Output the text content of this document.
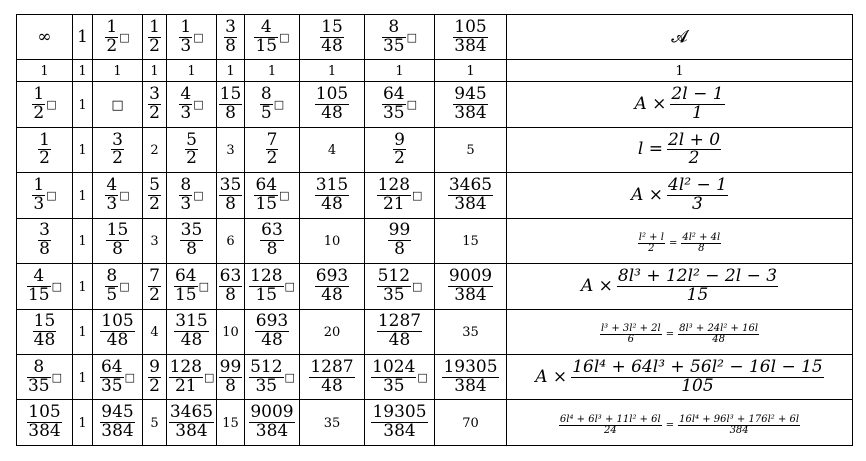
∞	1	$\frac{1}{2}$ □	$\frac{1}{2}$	$\frac{1}{3}$ □	$\frac{3}{8}$	$\frac{4}{15}$ □	$\frac{15}{48}$	$\frac{8}{35}$ □	$\frac{105}{384}$	𝓐
1	1	1	1	1	1	1	1	1	1	1

$\frac{1}{2}$ □	1	□	$\frac{3}{2}$	$\frac{4}{3}$ □	$\frac{15}{8}$	$\frac{8}{5}$ □	$\frac{105}{48}$	$\frac{64}{35}$ □	$\frac{945}{384}$	$A \times \frac{2l - 1}{1}$

$\frac{1}{2}$	1	$\frac{3}{2}$	2	$\frac{5}{2}$	3	$\frac{7}{2}$	4	$\frac{9}{2}$	5	$l = \frac{2l + 0}{2}$

$\frac{1}{3}$ □	1	$\frac{4}{3}$ □	$\frac{5}{2}$	$\frac{8}{3}$ □	$\frac{35}{8}$	$\frac{64}{15}$ □	$\frac{315}{48}$	$\frac{128}{21}$ □	$\frac{3465}{384}$	$A \times \frac{\text{4l² − 1}}{3}$

$\frac{3}{8}$	1	$\frac{15}{8}$	3	$\frac{35}{8}$	6	$\frac{63}{8}$	10	$\frac{99}{8}$	15	$\frac{\text{l² + l}}{2} = \frac{\text{4l² + 4l}}{8}$

$\frac{4}{15}$ □	1	$\frac{8}{5}$ □	$\frac{7}{2}$	$\frac{64}{15}$ □	$\frac{63}{8}$	$\frac{128}{15}$ □	$\frac{693}{48}$	$\frac{512}{35}$ □	$\frac{9009}{384}$	$A \times \frac{\text{8l³ + 12l² − 2l − 3}}{15}$

$\frac{15}{48}$	1	$\frac{105}{48}$	4	$\frac{315}{48}$	10	$\frac{693}{48}$	20	$\frac{1287}{48}$	35	$\frac{\text{l³ + 3l² + 2l}}{6} = \frac{\text{8l³ + 24l² + 16l}}{48}$

$\frac{8}{35}$ □	1	$\frac{64}{35}$ □	$\frac{9}{2}$	$\frac{128}{21}$ □	$\frac{99}{8}$	$\frac{512}{35}$ □	$\frac{1287}{48}$	$\frac{1024}{35}$ □	$\frac{19305}{384}$	$A \times \frac{\text{16l⁴ + 64l³ + 56l² − 16l − 15}}{105}$

$\frac{105}{384}$	1	$\frac{945}{384}$	5	$\frac{3465}{384}$	15	$\frac{9009}{384}$	35	$\frac{19305}{384}$	70	$\frac{\text{6l⁴ + 6l³ + 11l² + 6l}}{24} = \frac{\text{16l⁴ + 96l³ + 176l² + 6l}}{384}$
